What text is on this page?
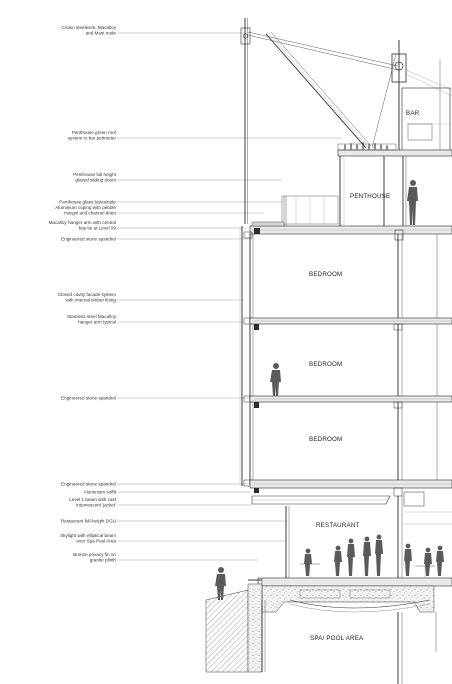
Crown steelwork, Macalloy and Mast node
Penthouse green roof system to bar perimeter
Penthouse full height glazed sliding doors
Penthouse glass balustrade
Aluminium coping with pebble margin and channel drain
Macalloy hanger arm with central bay tie at Level 09
Engineered stone spandrel
Closed cavity facade system with internal timber lining
Stainless steel Macalloy hanger arm typical
Engineered stone spandrel
Engineered stone spandrel
Aluminium soffit
Level 1 beam with cast intumescent 'jacket'
Restaurant full-height DGU
Skylight with elliptical beam over Spa Pool Area
Bronze privacy fin on granite plinth
BAR
PENTHOUSE
BEDROOM
BEDROOM
BEDROOM
RESTAURANT
SPA/ POOL AREA
